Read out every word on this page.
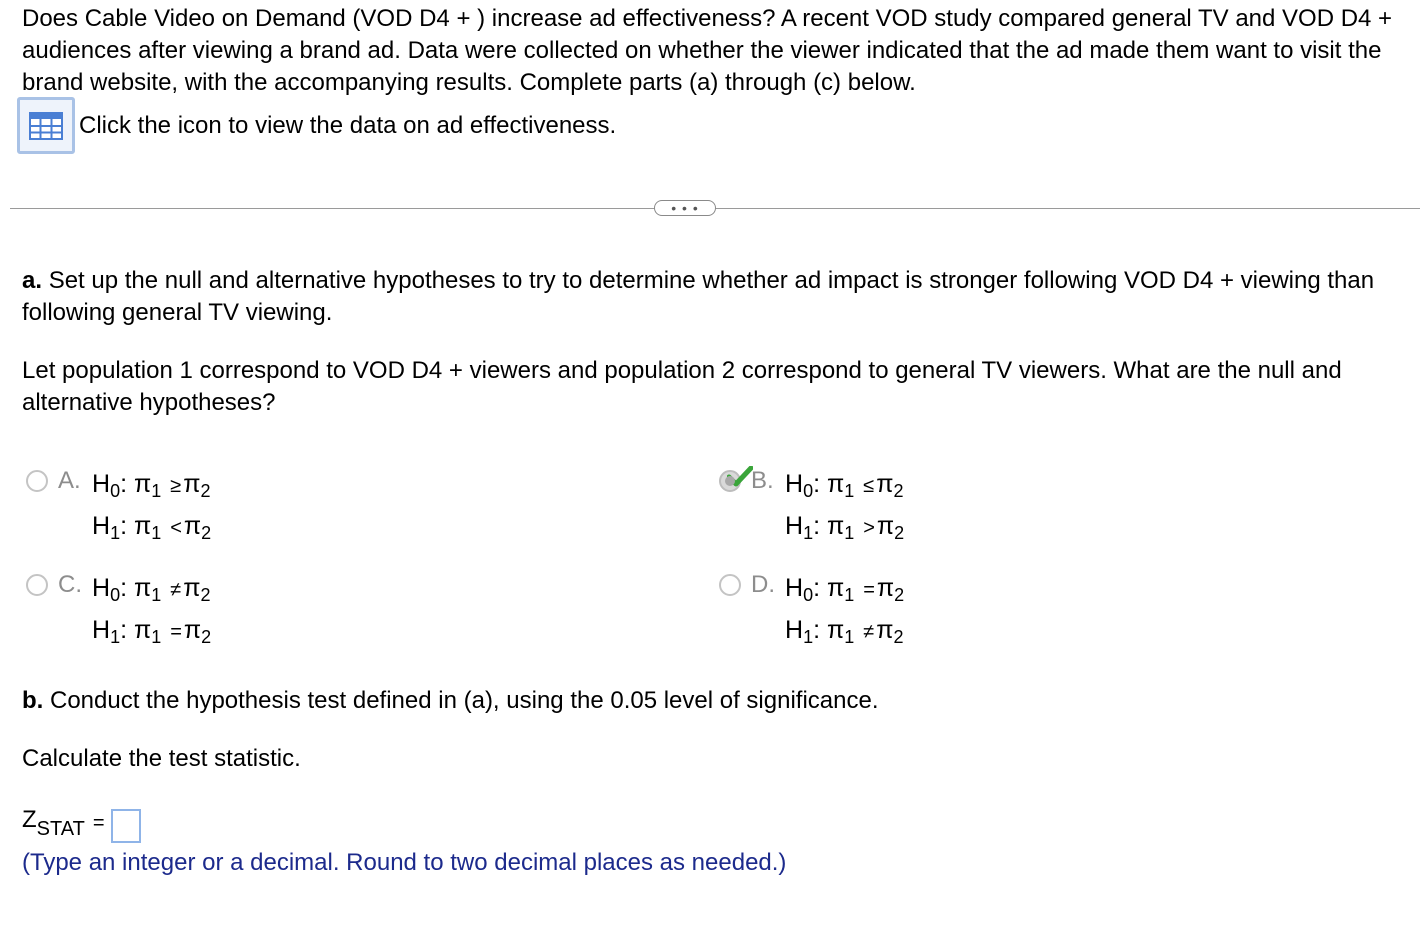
Does Cable Video on Demand (VOD D4 + ) increase ad effectiveness? A recent VOD study compared general TV and VOD D4 + audiences after viewing a brand ad. Data were collected on whether the viewer indicated that the ad made them want to visit the brand website, with the accompanying results. Complete parts (a) through (c) below.
Click the icon to view the data on ad effectiveness.
• • •
a. Set up the null and alternative hypotheses to try to determine whether ad impact is stronger following VOD D4 + viewing than following general TV viewing.
Let population 1 correspond to VOD D4 + viewers and population 2 correspond to general TV viewers. What are the null and alternative hypotheses?
A. $H_0$: $\pi_1 \ge\pi_2$
$H_1$: $\pi_1 <\pi_2$
B. $H_0$: $\pi_1 \le\pi_2$
$H_1$: $\pi_1 >\pi_2$
C. $H_0$: $\pi_1 \ne\pi_2$
$H_1$: $\pi_1 =\pi_2$
D. $H_0$: $\pi_1 =\pi_2$
$H_1$: $\pi_1 \ne\pi_2$
b. Conduct the hypothesis test defined in (a), using the 0.05 level of significance.
Calculate the test statistic.
Z STAT =
(Type an integer or a decimal. Round to two decimal places as needed.)
